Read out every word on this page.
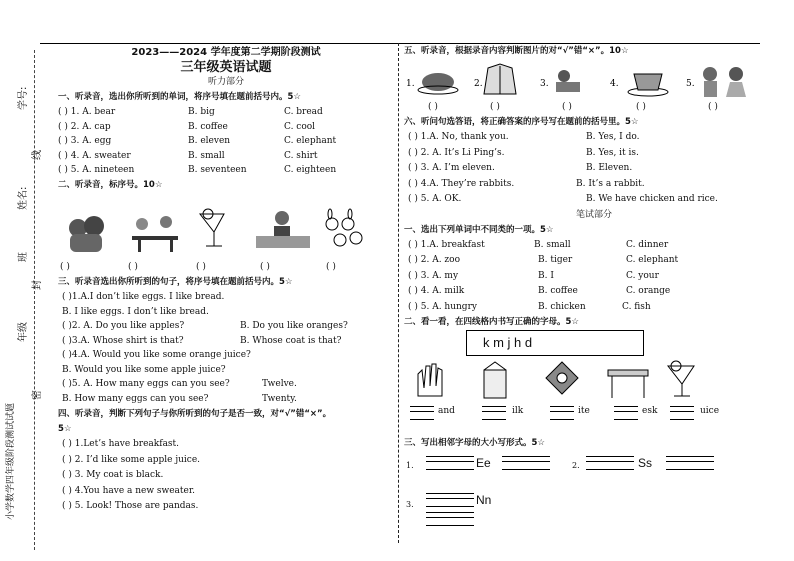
学号:
姓名:
班
年级
线
封
密
小学数学四年级阶段测试试题
2023——2024 学年度第二学期阶段测试
三年级英语试题
听力部分
一、听录音，选出你所听到的单词，将序号填在题前括号内。5☆
( ) 1. A. bear	B. big	C. bread
( ) 2. A. cap	B. coffee	C. cool
( ) 3. A. egg	B. eleven	C. elephant
( ) 4. A. sweater	B. small	C. shirt
( ) 5. A. nineteen	B. seventeen	C. eighteen
二、听录音，标序号。10☆
( )	( )	( )	( )	( )
三、听录音选出你所听到的句子，将序号填在题前括号内。5☆
( )1.A.I don’t like eggs. I like bread.
B. I like eggs. I don’t like bread.
( )2. A. Do you like apples?	B. Do you like oranges?
( )3.A. Whose shirt is that?	B. Whose coat is that?
( )4.A. Would you like some orange juice?
B. Would you like some apple juice?
( )5. A. How many eggs can you see?	Twelve.
B. How many eggs can you see?	Twenty.
四、听录音，判断下列句子与你所听到的句子是否一致，对“√”错“×”。
5☆
( ) 1.Let’s have breakfast.
( ) 2. I’d like some apple juice.
( ) 3. My coat is black.
( ) 4.You have a new sweater.
( ) 5. Look! Those are pandas.
五、听录音，根据录音内容判断图片的对“√”错“×”。10☆
1.	2.	3.	4.	5.
( )	( )	( )	( )	( )
六、听问句选答语，将正确答案的序号写在题前的括号里。5☆
( ) 1.A. No, thank you.	B. Yes, I do.
( ) 2. A. It’s Li Ping’s.	B. Yes, it is.
( ) 3. A. I’m eleven.	B. Eleven.
( ) 4.A. They’re rabbits.	B. It’s a rabbit.
( ) 5. A. OK.	B. We have chicken and rice.
笔试部分
一、选出下列单词中不同类的一项。5☆
( ) 1.A. breakfast	B. small	C. dinner
( ) 2. A. zoo	B. tiger	C. elephant
( ) 3. A. my	B. I	C. your
( ) 4. A. milk	B. coffee	C. orange
( ) 5. A. hungry	B. chicken	C. fish
二、看一看，在四线格内书写正确的字母。5☆
k m j h d
and	ilk	ite	esk	uice
三、写出相邻字母的大小写形式。5☆
1.	Ee	2.	Ss
3.	Nn
